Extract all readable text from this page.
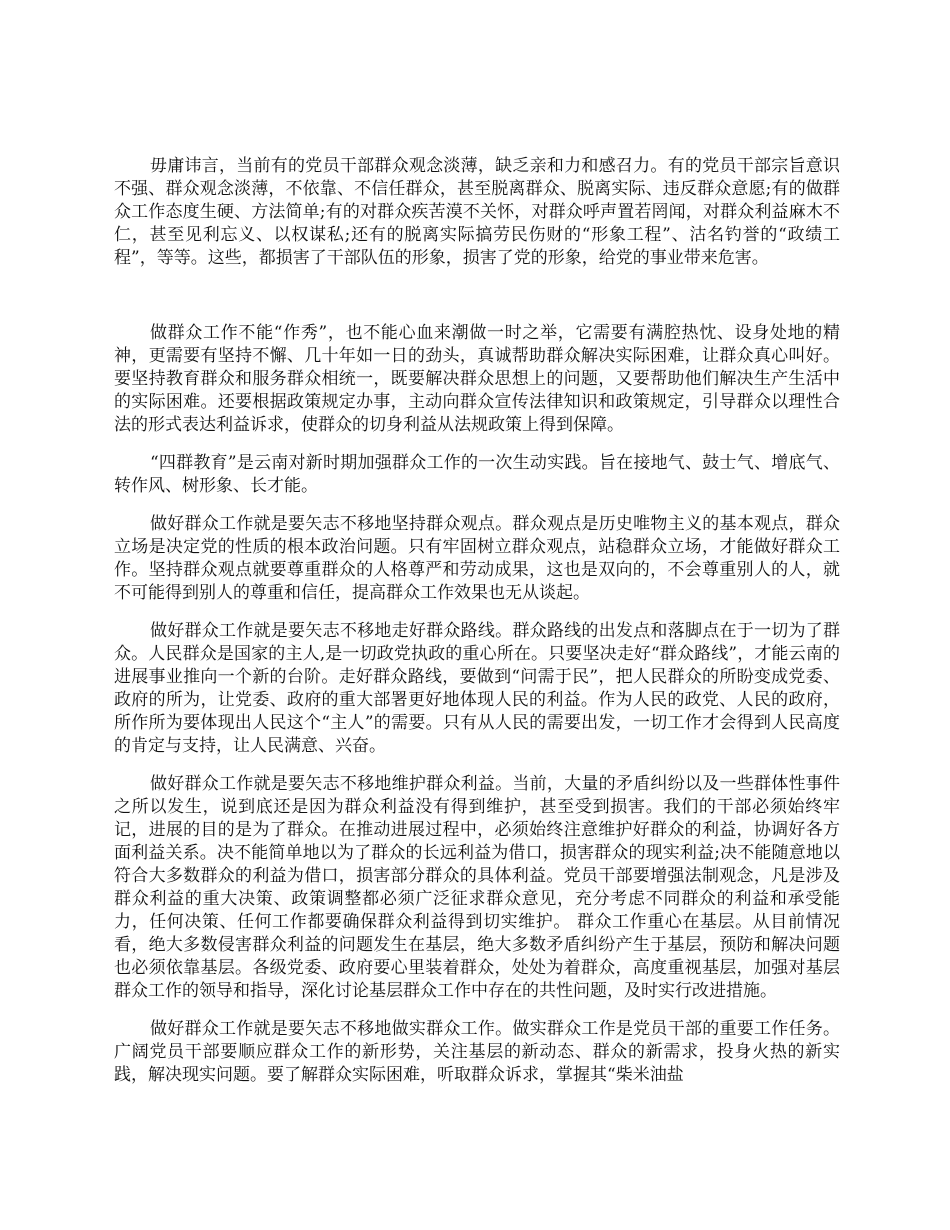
毋庸讳言，当前有的党员干部群众观念淡薄，缺乏亲和力和感召力。有的党员干部宗旨意识不强、群众观念淡薄，不依靠、不信任群众，甚至脱离群众、脱离实际、违反群众意愿;有的做群众工作态度生硬、方法简单;有的对群众疾苦漠不关怀，对群众呼声置若罔闻，对群众利益麻木不仁，甚至见利忘义、以权谋私;还有的脱离实际搞劳民伤财的“形象工程”、沽名钓誉的“政绩工程”，等等。这些，都损害了干部队伍的形象，损害了党的形象，给党的事业带来危害。

做群众工作不能“作秀”，也不能心血来潮做一时之举，它需要有满腔热忱、设身处地的精神，更需要有坚持不懈、几十年如一日的劲头，真诚帮助群众解决实际困难，让群众真心叫好。要坚持教育群众和服务群众相统一，既要解决群众思想上的问题，又要帮助他们解决生产生活中的实际困难。还要根据政策规定办事，主动向群众宣传法律知识和政策规定，引导群众以理性合法的形式表达利益诉求，使群众的切身利益从法规政策上得到保障。

“四群教育”是云南对新时期加强群众工作的一次生动实践。旨在接地气、鼓士气、增底气、转作风、树形象、长才能。

做好群众工作就是要矢志不移地坚持群众观点。群众观点是历史唯物主义的基本观点，群众立场是决定党的性质的根本政治问题。只有牢固树立群众观点，站稳群众立场，才能做好群众工作。坚持群众观点就要尊重群众的人格尊严和劳动成果，这也是双向的，不会尊重别人的人，就不可能得到别人的尊重和信任，提高群众工作效果也无从谈起。

做好群众工作就是要矢志不移地走好群众路线。群众路线的出发点和落脚点在于一切为了群众。人民群众是国家的主人,是一切政党执政的重心所在。只要坚决走好“群众路线”，才能云南的进展事业推向一个新的台阶。走好群众路线，要做到“问需于民”，把人民群众的所盼变成党委、政府的所为，让党委、政府的重大部署更好地体现人民的利益。作为人民的政党、人民的政府，所作所为要体现出人民这个“主人”的需要。只有从人民的需要出发，一切工作才会得到人民高度的肯定与支持，让人民满意、兴奋。

做好群众工作就是要矢志不移地维护群众利益。当前，大量的矛盾纠纷以及一些群体性事件之所以发生，说到底还是因为群众利益没有得到维护，甚至受到损害。我们的干部必须始终牢记，进展的目的是为了群众。在推动进展过程中，必须始终注意维护好群众的利益，协调好各方面利益关系。决不能简单地以为了群众的长远利益为借口，损害群众的现实利益;决不能随意地以符合大多数群众的利益为借口，损害部分群众的具体利益。党员干部要增强法制观念，凡是涉及群众利益的重大决策、政策调整都必须广泛征求群众意见，充分考虑不同群众的利益和承受能力，任何决策、任何工作都要确保群众利益得到切实维护。 群众工作重心在基层。从目前情况看，绝大多数侵害群众利益的问题发生在基层，绝大多数矛盾纠纷产生于基层，预防和解决问题也必须依靠基层。各级党委、政府要心里装着群众，处处为着群众，高度重视基层，加强对基层群众工作的领导和指导，深化讨论基层群众工作中存在的共性问题，及时实行改进措施。

做好群众工作就是要矢志不移地做实群众工作。做实群众工作是党员干部的重要工作任务。广阔党员干部要顺应群众工作的新形势，关注基层的新动态、群众的新需求，投身火热的新实践，解决现实问题。要了解群众实际困难，听取群众诉求，掌握其“柴米油盐
